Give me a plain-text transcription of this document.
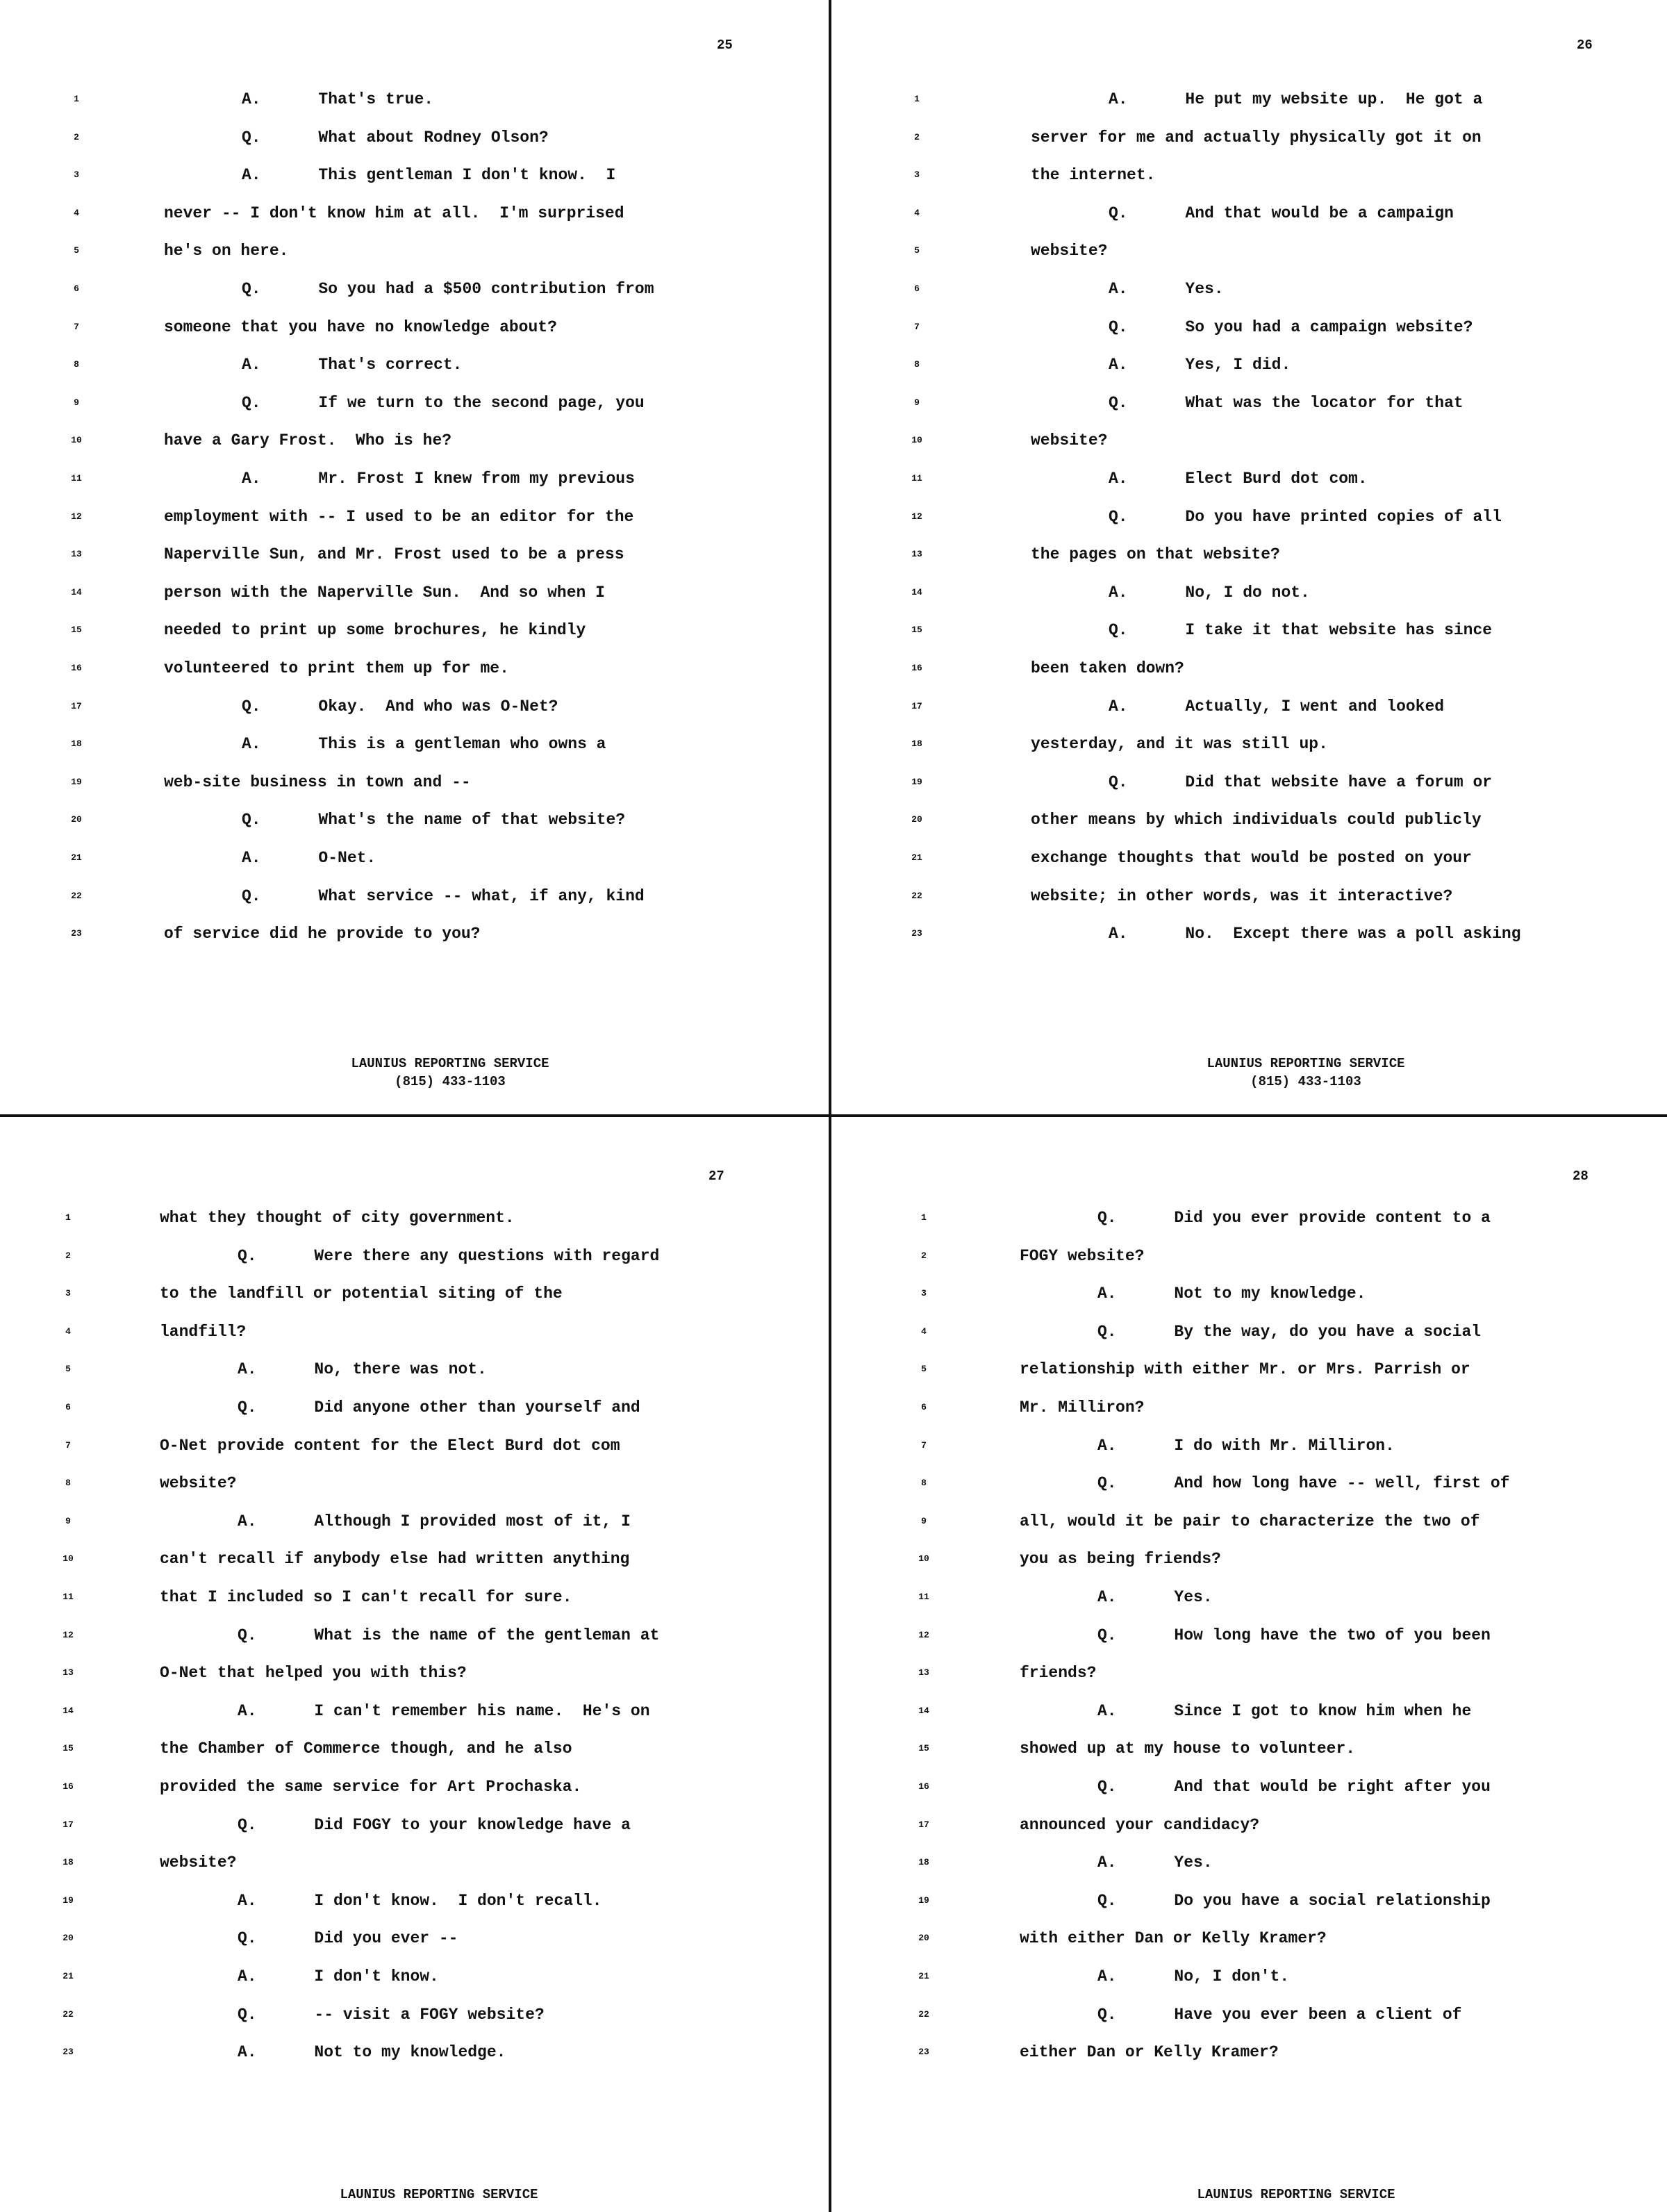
25
1	A.      That's true.
2	Q.      What about Rodney Olson?
3	A.      This gentleman I don't know.  I
4	never -- I don't know him at all.  I'm surprised
5	he's on here.
6	Q.      So you had a $500 contribution from
7	someone that you have no knowledge about?
8	A.      That's correct.
9	Q.      If we turn to the second page, you
10	have a Gary Frost.  Who is he?
11	A.      Mr. Frost I knew from my previous
12	employment with -- I used to be an editor for the
13	Naperville Sun, and Mr. Frost used to be a press
14	person with the Naperville Sun.  And so when I
15	needed to print up some brochures, he kindly
16	volunteered to print them up for me.
17	Q.      Okay.  And who was O-Net?
18	A.      This is a gentleman who owns a
19	web-site business in town and --
20	Q.      What's the name of that website?
21	A.      O-Net.
22	Q.      What service -- what, if any, kind
23	of service did he provide to you?
LAUNIUS REPORTING SERVICE
(815) 433-1103
26
1	A.      He put my website up.  He got a
2	server for me and actually physically got it on
3	the internet.
4	Q.      And that would be a campaign
5	website?
6	A.      Yes.
7	Q.      So you had a campaign website?
8	A.      Yes, I did.
9	Q.      What was the locator for that
10	website?
11	A.      Elect Burd dot com.
12	Q.      Do you have printed copies of all
13	the pages on that website?
14	A.      No, I do not.
15	Q.      I take it that website has since
16	been taken down?
17	A.      Actually, I went and looked
18	yesterday, and it was still up.
19	Q.      Did that website have a forum or
20	other means by which individuals could publicly
21	exchange thoughts that would be posted on your
22	website; in other words, was it interactive?
23	A.      No.  Except there was a poll asking
LAUNIUS REPORTING SERVICE
(815) 433-1103
27
1	what they thought of city government.
2	Q.      Were there any questions with regard
3	to the landfill or potential siting of the
4	landfill?
5	A.      No, there was not.
6	Q.      Did anyone other than yourself and
7	O-Net provide content for the Elect Burd dot com
8	website?
9	A.      Although I provided most of it, I
10	can't recall if anybody else had written anything
11	that I included so I can't recall for sure.
12	Q.      What is the name of the gentleman at
13	O-Net that helped you with this?
14	A.      I can't remember his name.  He's on
15	the Chamber of Commerce though, and he also
16	provided the same service for Art Prochaska.
17	Q.      Did FOGY to your knowledge have a
18	website?
19	A.      I don't know.  I don't recall.
20	Q.      Did you ever --
21	A.      I don't know.
22	Q.      -- visit a FOGY website?
23	A.      Not to my knowledge.
LAUNIUS REPORTING SERVICE
28
1	Q.      Did you ever provide content to a
2	FOGY website?
3	A.      Not to my knowledge.
4	Q.      By the way, do you have a social
5	relationship with either Mr. or Mrs. Parrish or
6	Mr. Milliron?
7	A.      I do with Mr. Milliron.
8	Q.      And how long have -- well, first of
9	all, would it be pair to characterize the two of
10	you as being friends?
11	A.      Yes.
12	Q.      How long have the two of you been
13	friends?
14	A.      Since I got to know him when he
15	showed up at my house to volunteer.
16	Q.      And that would be right after you
17	announced your candidacy?
18	A.      Yes.
19	Q.      Do you have a social relationship
20	with either Dan or Kelly Kramer?
21	A.      No, I don't.
22	Q.      Have you ever been a client of
23	either Dan or Kelly Kramer?
LAUNIUS REPORTING SERVICE
